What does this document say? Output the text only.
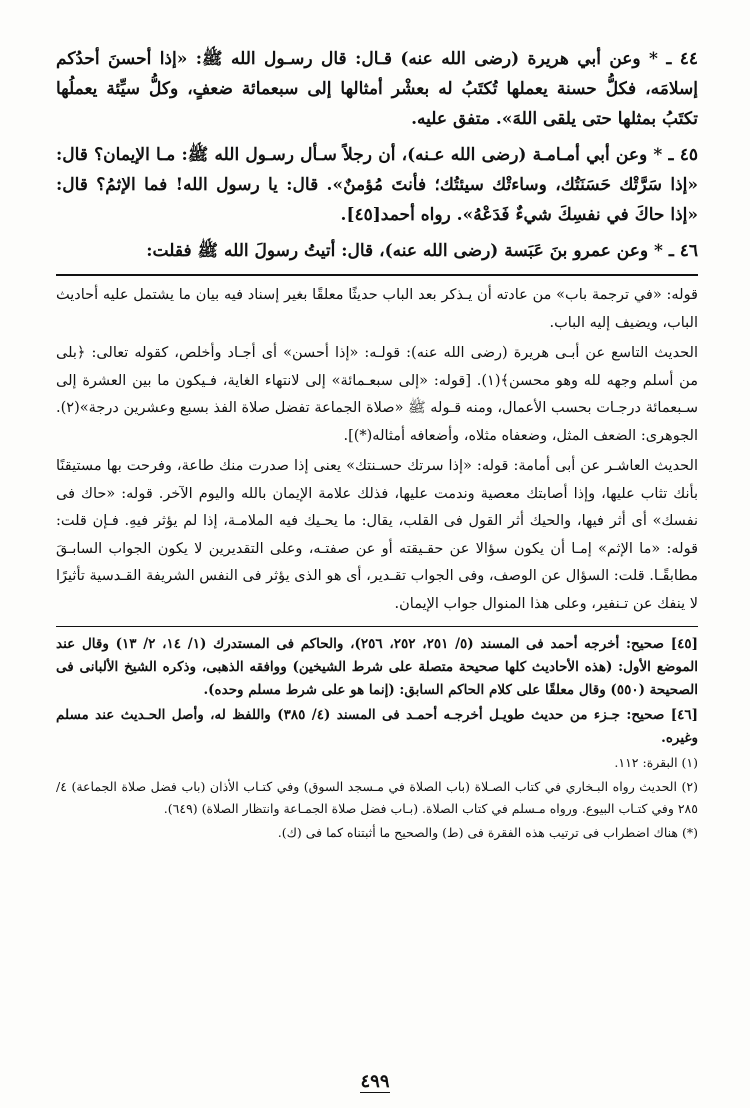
٤٤ ـ * وعن أبي هريرة (رضى الله عنه) قـال: قال رسـول الله ﷺ: «إذا أحسنَ أحدُكم إسلامَه، فكلُّ حسنة يعملها تُكتَبُ له بعشْر أمثالها إلى سبعمائة ضعفٍ، وكلُّ سيِّئة يعملُها تكتَبُ بمثلها حتى يلقى اللهَ». متفق عليه.

٤٥ ـ * وعن أبي أمـامـة (رضى الله عـنه)، أن رجلاً سـأل رسـول الله ﷺ: مـا الإيمان؟ قال: «إذا سَرَّتْك حَسَنَتُك، وساءتْك سيئتُك؛ فأنتَ مُؤمنٌ». قال: يا رسول الله! فما الإثمُ؟ قال: «إذا حاكَ في نفسِكَ شيءٌ فَدَعْهُ». رواه أحمد[٤٥].

٤٦ ـ * وعن عمرو بنَ عَبَسة (رضى الله عنه)، قال: أتيتُ رسولَ الله ﷺ فقلت:

قوله: «في ترجمة باب» من عادته أن يـذكر بعد الباب حديثًا معلقًا بغير إسناد فيه بيان ما يشتمل عليه أحاديث الباب، ويضيف إليه الباب.

الحديث التاسع عن أبـى هريرة (رضى الله عنه): قولـه: «إذا أحسن» أى أجـاد وأخلص، كقوله تعالى: ﴿بلى من أسلم وجهه لله وهو محسن﴾(١). [قوله: «إلى سبعـمائة» إلى لانتهاء الغاية، فـيكون ما بين العشرة إلى سـبعمائة درجـات بحسب الأعمال، ومنه قـوله ﷺ «صلاة الجماعة تفضل صلاة الفذ بسبع وعشرين درجة»(٢). الجوهرى: الضعف المثل، وضعفاه مثلاه، وأضعافه أمثاله(*)].

الحديث العاشـر عن أبى أمامة: قوله: «إذا سرتك حسـنتك» يعنى إذا صدرت منك طاعة، وفرحت بها مستيقنًا بأنك تثاب عليها، وإذا أصابتك معصية وندمت عليها، فذلك علامة الإيمان بالله واليوم الآخر. قوله: «حاك فى نفسك» أى أثر فيها، والحيك أثر القول فى القلب، يقال: ما يحـيك فيه الملامـة، إذا لم يؤثر فيهِ. فـإن قلت: قوله: «ما الإثم» إمـا أن يكون سؤالا عن حقـيقته أو عن صفتـه، وعلى التقديرين لا يكون الجواب السابـقَ مطابقًـا. قلت: السؤال عن الوصف، وفى الجواب تقـدير، أى هو الذى يؤثر فى النفس الشريفة القـدسية تأثيرًا لا ينفك عن تـنفير، وعلى هذا المنوال جواب الإيمان.

[٤٥] صحيح: أخرجه أحمد فى المسند (٥/ ٢٥١، ٢٥٢، ٢٥٦)، والحاكم فى المستدرك (١/ ١٤، ٢/ ١٣) وقال عند الموضع الأول: (هذه الأحاديث كلها صحيحة متصلة على شرط الشيخين) ووافقه الذهبى، وذكره الشيخ الألبانى فى الصحيحة (٥٥٠) وقال معلقًا على كلام الحاكم السابق: (إنما هو على شرط مسلم وحده).

[٤٦] صحيح: جـزء من حديث طويـل أخرجـه أحمـد فى المسند (٤/ ٣٨٥) واللفظ له، وأصل الحـديث عند مسلم وغيره.

(١) البقرة: ١١٢.

(٢) الحديث رواه البـخاري في كتاب الصـلاة (باب الصلاة في مـسجد السوق) وفي كتـاب الأذان (باب فضل صلاة الجماعة) ٤/ ٢٨٥ وفي كتـاب البيوع. ورواه مـسلم في كتاب الصلاة. (بـاب فضل صلاة الجمـاعة وانتظار الصلاة) (٦٤٩).

(*) هناك اضطراب فى ترتيب هذه الفقرة فى (ط) والصحيح ما أثبتناه كما فى (ك).

٤٩٩
